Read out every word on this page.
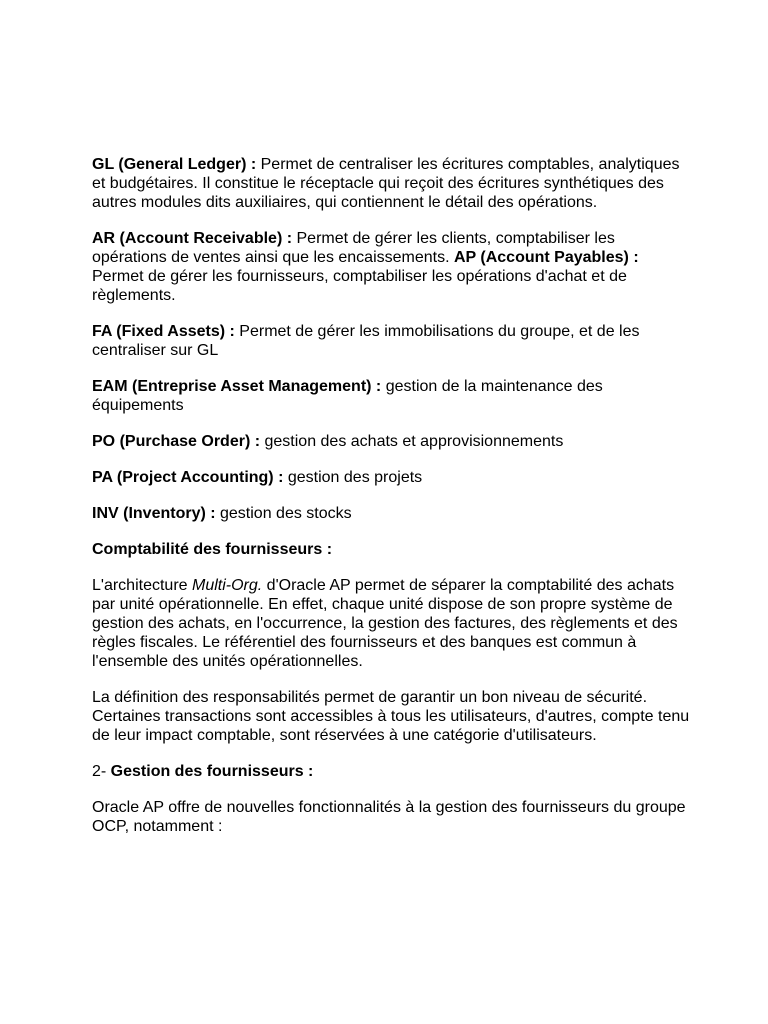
GL (General Ledger) : Permet de centraliser les écritures comptables, analytiques et budgétaires. Il constitue le réceptacle qui reçoit des écritures synthétiques des autres modules dits auxiliaires, qui contiennent le détail des opérations.

AR (Account Receivable) : Permet de gérer les clients, comptabiliser les opérations de ventes ainsi que les encaissements. AP (Account Payables) : Permet de gérer les fournisseurs, comptabiliser les opérations d'achat et de règlements.

FA (Fixed Assets) : Permet de gérer les immobilisations du groupe, et de les centraliser sur GL

EAM (Entreprise Asset Management) : gestion de la maintenance des équipements

PO (Purchase Order) : gestion des achats et approvisionnements

PA (Project Accounting) : gestion des projets

INV (Inventory) : gestion des stocks

Comptabilité des fournisseurs :

L'architecture Multi-Org. d'Oracle AP permet de séparer la comptabilité des achats par unité opérationnelle. En effet, chaque unité dispose de son propre système de gestion des achats, en l'occurrence, la gestion des factures, des règlements et des règles fiscales. Le référentiel des fournisseurs et des banques est commun à l'ensemble des unités opérationnelles.

La définition des responsabilités permet de garantir un bon niveau de sécurité. Certaines transactions sont accessibles à tous les utilisateurs, d'autres, compte tenu de leur impact comptable, sont réservées à une catégorie d'utilisateurs.

2- Gestion des fournisseurs :

Oracle AP offre de nouvelles fonctionnalités à la gestion des fournisseurs du groupe OCP, notamment :
